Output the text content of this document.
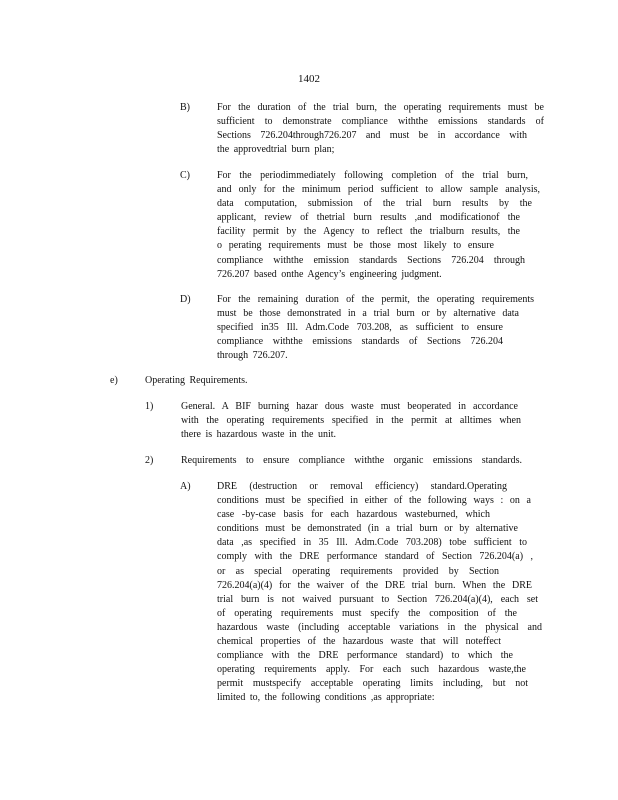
1402
B)	For the duration of the trial burn, the operating requirements must be
sufficient to demonstrate compliance withthe emissions standards of
Sections 726.204through726.207 and must be in accordance with
the approvedtrial burn plan;
C)	For the periodimmediately following completion of the trial burn,
and only for the minimum period sufficient to allow sample analysis,
data computation, submission of the trial burn results by the
applicant, review of thetrial burn results ,and modificationof the
facility permit by the Agency to reflect the trialburn results, the
o perating requirements must be those most likely to ensure
compliance withthe emission standards Sections 726.204 through
726.207 based onthe Agency’s engineering judgment.
D)	For the remaining duration of the permit, the operating requirements
must be those demonstrated in a trial burn or by alternative data
specified in35 Ill. Adm.Code 703.208, as sufficient to ensure
compliance withthe emissions standards of Sections 726.204
through 726.207.
e)	Operating Requirements.
1)	General. A BIF burning hazar dous waste must beoperated in accordance
with the operating requirements specified in the permit at alltimes when
there is hazardous waste in the unit.
2)	Requirements to ensure compliance withthe organic emissions standards.
A)	DRE (destruction or removal efficiency) standard.Operating
conditions must be specified in either of the following ways : on a
case -by-case basis for each hazardous wasteburned, which
conditions must be demonstrated (in a trial burn or by alternative
data ,as specified in 35 Ill. Adm.Code 703.208) tobe sufficient to
comply with the DRE performance standard of Section 726.204(a) ,
or as special operating requirements provided by Section
726.204(a)(4) for the waiver of the DRE trial burn. When the DRE
trial burn is not waived pursuant to Section 726.204(a)(4), each set
of operating requirements must specify the composition of the
hazardous waste (including acceptable variations in the physical and
chemical properties of the hazardous waste that will noteffect
compliance with the DRE performance standard) to which the
operating requirements apply. For each such hazardous waste,the
permit mustspecify acceptable operating limits including, but not
limited to, the following conditions ,as appropriate:
